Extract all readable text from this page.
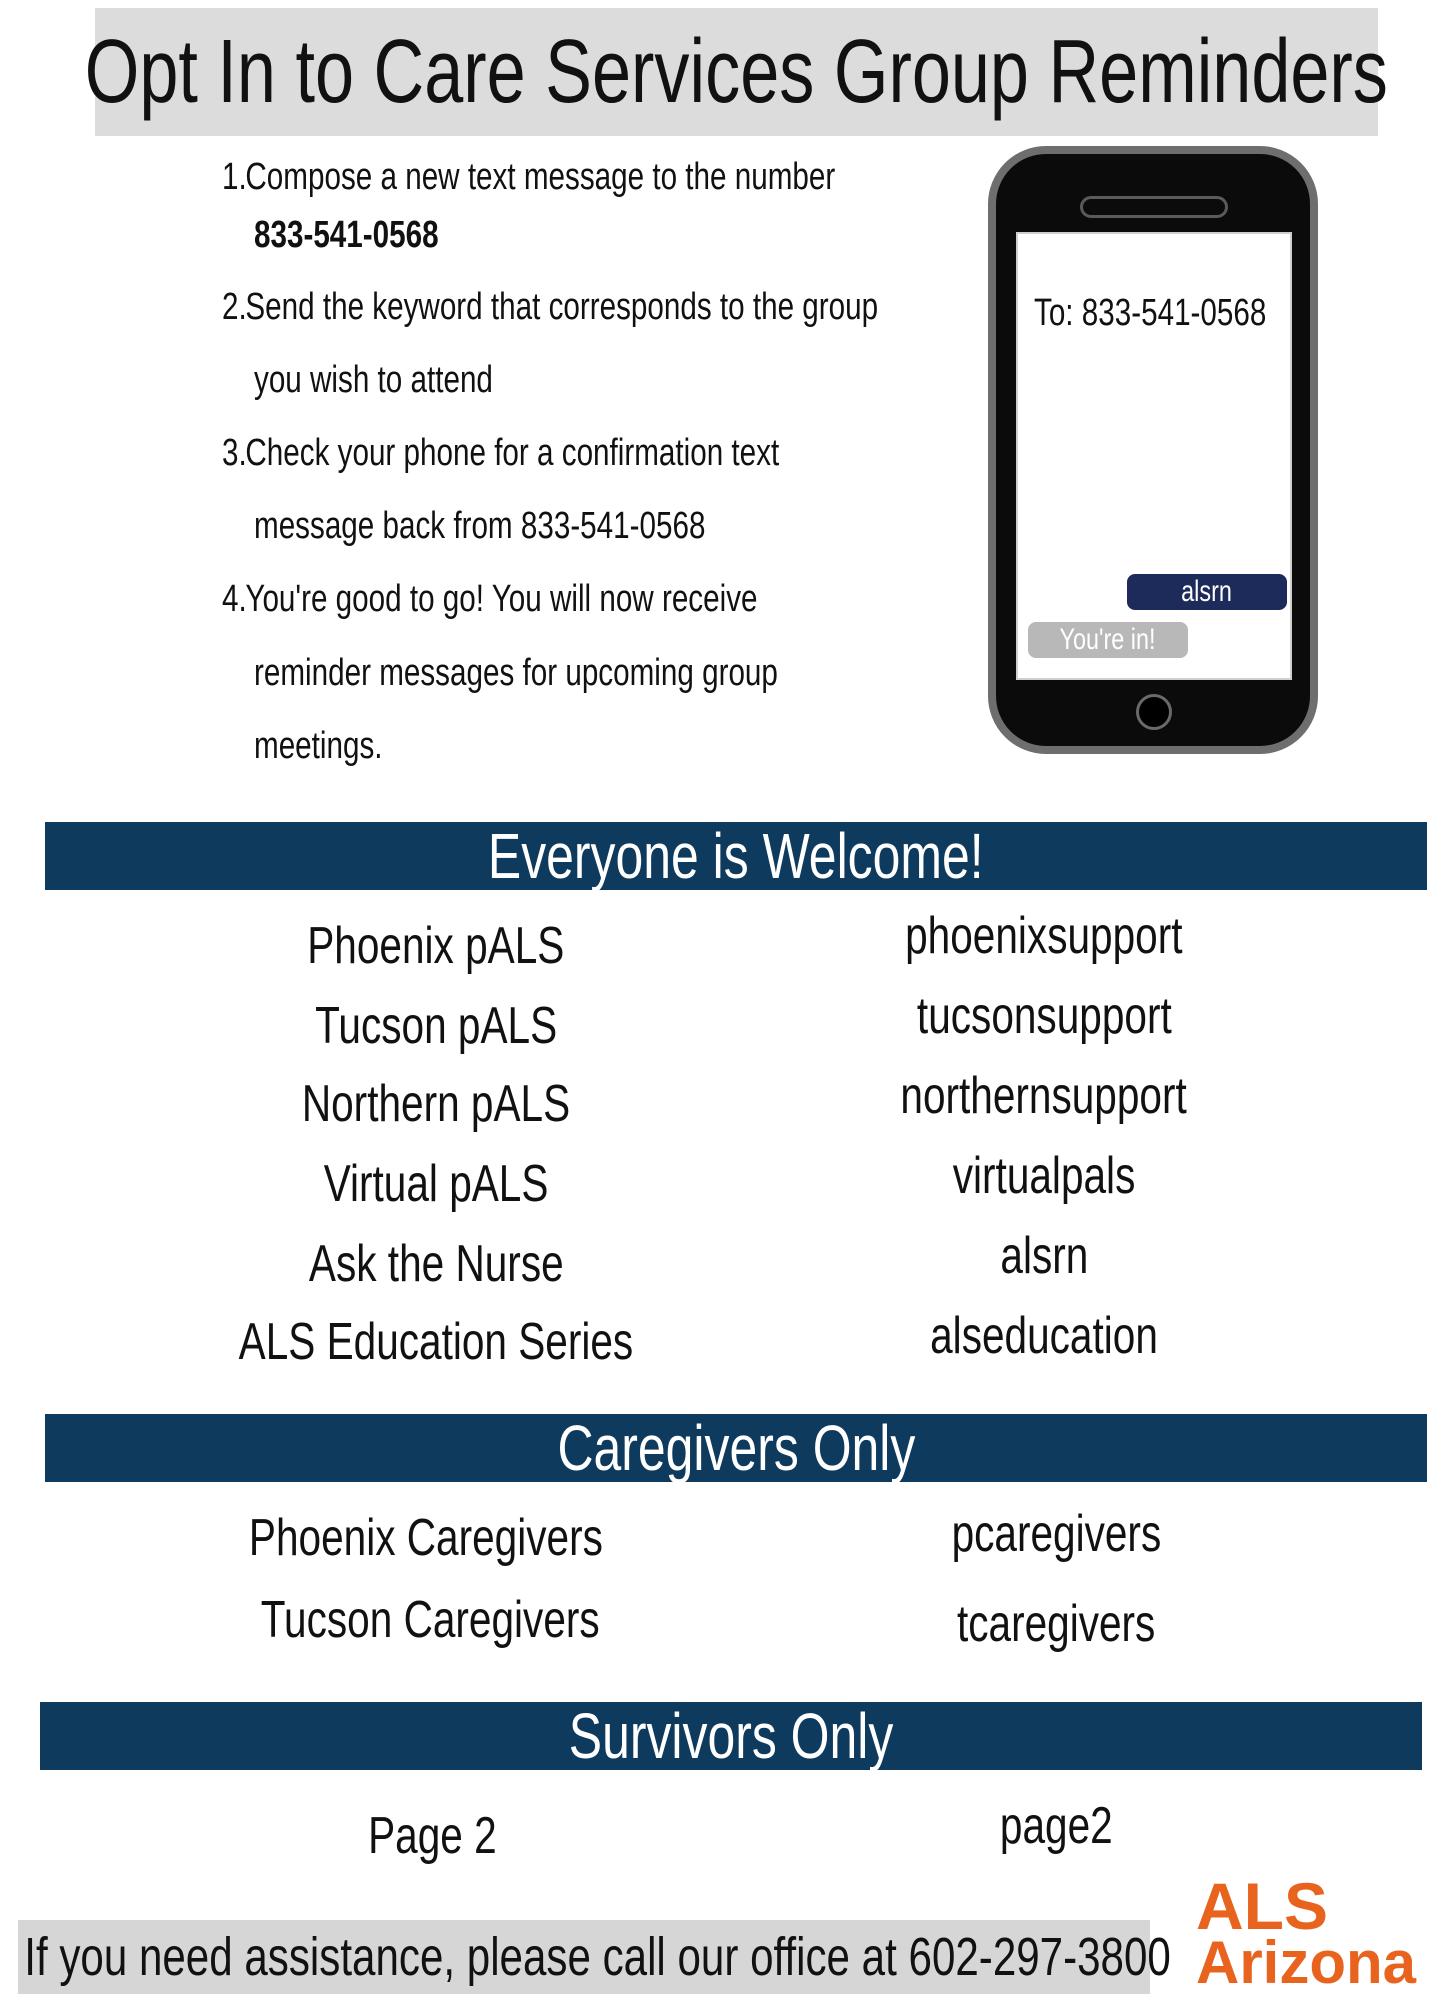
Opt In to Care Services Group Reminders
1.Compose a new text message to the number
833-541-0568
2.Send the keyword that corresponds to the group
you wish to attend
3.Check your phone for a confirmation text
message back from 833-541-0568
4.You're good to go! You will now receive
reminder messages for upcoming group
meetings.
To: 833-541-0568
alsrn
You're in!
Everyone is Welcome!
Phoenix pALS	phoenixsupport
Tucson pALS	tucsonsupport
Northern pALS	northernsupport
Virtual pALS	virtualpals
Ask the Nurse	alsrn
ALS Education Series	alseducation
Caregivers Only
Phoenix Caregivers	pcaregivers
Tucson Caregivers	tcaregivers
Survivors Only
Page 2	page2
If you need assistance, please call our office at 602-297-3800
ALS
Arizona
